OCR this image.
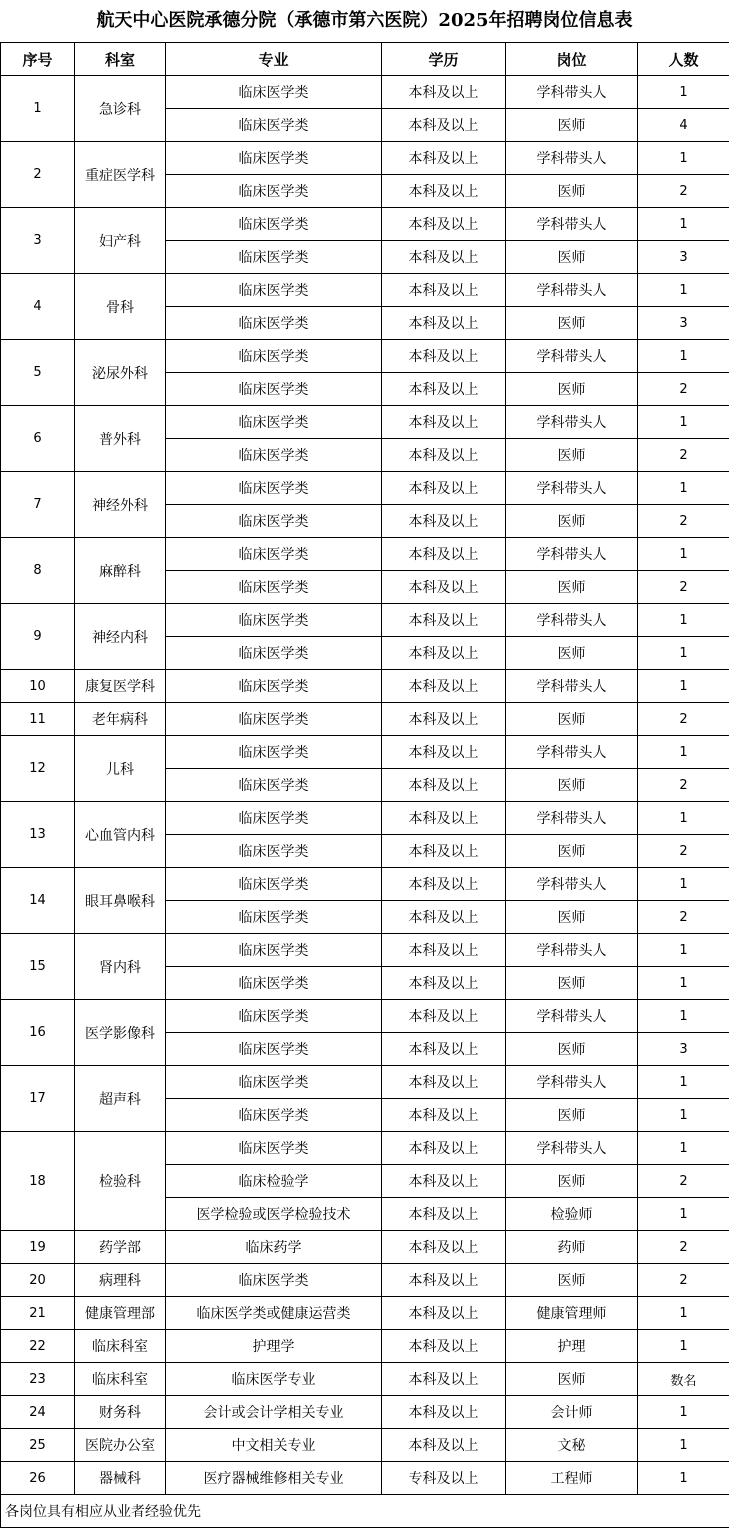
航天中心医院承德分院（承德市第六医院）2025年招聘岗位信息表
序号	科室	专业	学历	岗位	人数
1	急诊科	临床医学类	本科及以上	学科带头人	1
		临床医学类	本科及以上	医师	4
2	重症医学科	临床医学类	本科及以上	学科带头人	1
		临床医学类	本科及以上	医师	2
3	妇产科	临床医学类	本科及以上	学科带头人	1
		临床医学类	本科及以上	医师	3
4	骨科	临床医学类	本科及以上	学科带头人	1
		临床医学类	本科及以上	医师	3
5	泌尿外科	临床医学类	本科及以上	学科带头人	1
		临床医学类	本科及以上	医师	2
6	普外科	临床医学类	本科及以上	学科带头人	1
		临床医学类	本科及以上	医师	2
7	神经外科	临床医学类	本科及以上	学科带头人	1
		临床医学类	本科及以上	医师	2
8	麻醉科	临床医学类	本科及以上	学科带头人	1
		临床医学类	本科及以上	医师	2
9	神经内科	临床医学类	本科及以上	学科带头人	1
		临床医学类	本科及以上	医师	1
10	康复医学科	临床医学类	本科及以上	学科带头人	1
11	老年病科	临床医学类	本科及以上	医师	2
12	儿科	临床医学类	本科及以上	学科带头人	1
		临床医学类	本科及以上	医师	2
13	心血管内科	临床医学类	本科及以上	学科带头人	1
		临床医学类	本科及以上	医师	2
14	眼耳鼻喉科	临床医学类	本科及以上	学科带头人	1
		临床医学类	本科及以上	医师	2
15	肾内科	临床医学类	本科及以上	学科带头人	1
		临床医学类	本科及以上	医师	1
16	医学影像科	临床医学类	本科及以上	学科带头人	1
		临床医学类	本科及以上	医师	3
17	超声科	临床医学类	本科及以上	学科带头人	1
		临床医学类	本科及以上	医师	1
18	检验科	临床医学类	本科及以上	学科带头人	1
		临床检验学	本科及以上	医师	2
		医学检验或医学检验技术	本科及以上	检验师	1
19	药学部	临床药学	本科及以上	药师	2
20	病理科	临床医学类	本科及以上	医师	2
21	健康管理部	临床医学类或健康运营类	本科及以上	健康管理师	1
22	临床科室	护理学	本科及以上	护理	1
23	临床科室	临床医学专业	本科及以上	医师	数名
24	财务科	会计或会计学相关专业	本科及以上	会计师	1
25	医院办公室	中文相关专业	本科及以上	文秘	1
26	器械科	医疗器械维修相关专业	专科及以上	工程师	1
各岗位具有相应从业者经验优先					
